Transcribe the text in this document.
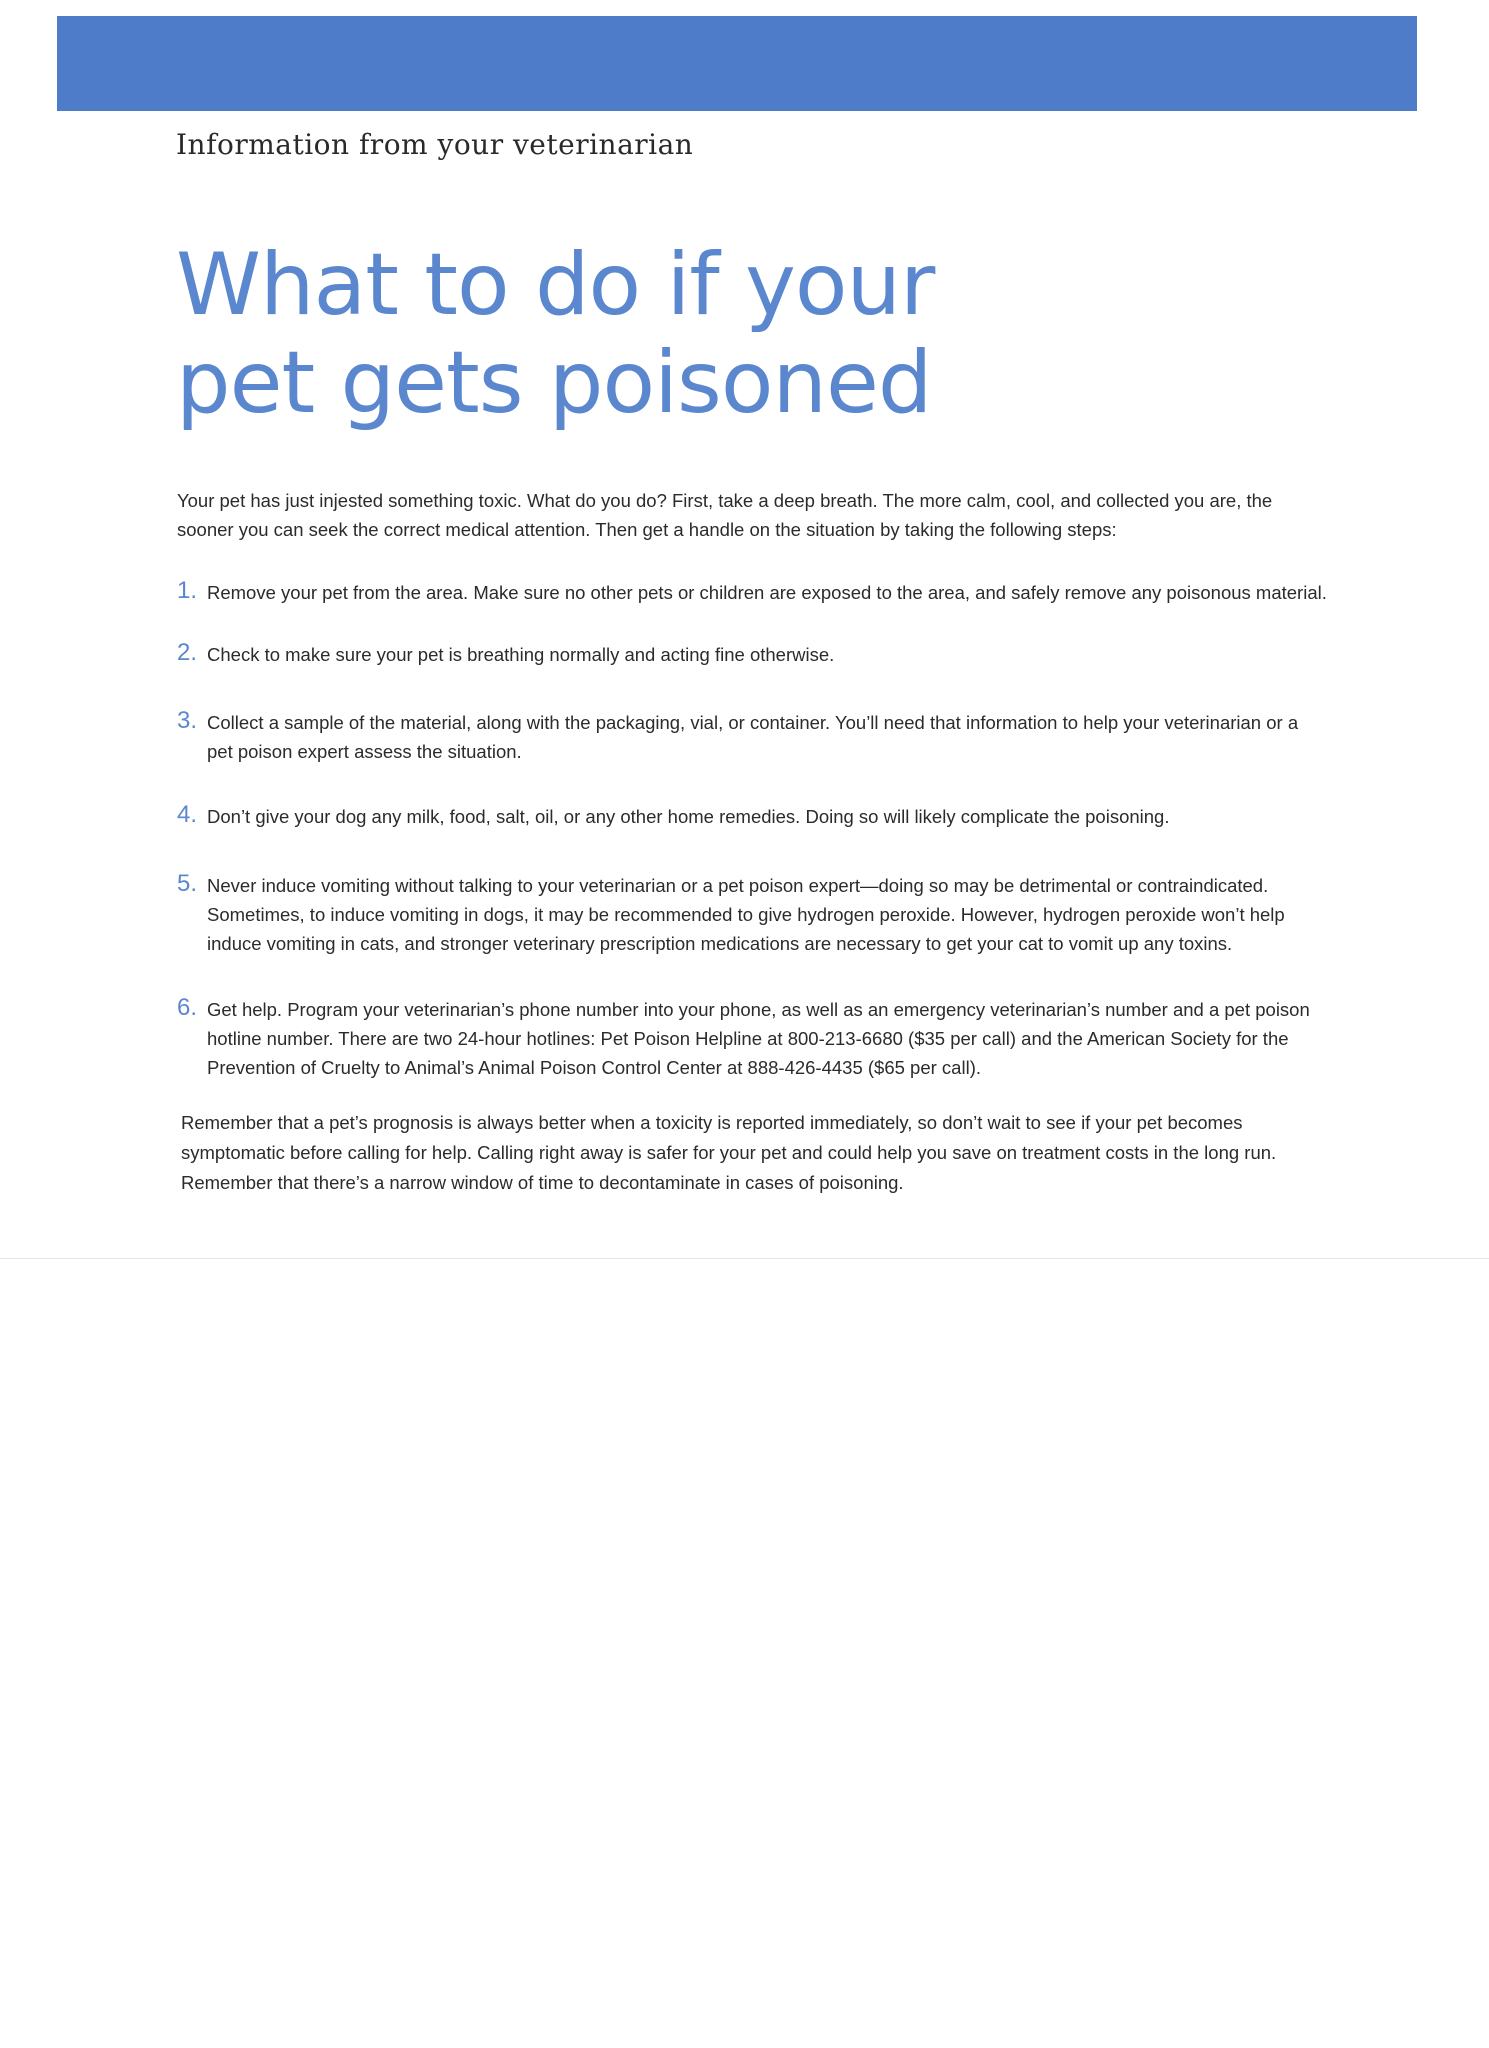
Information from your veterinarian
What to do if your
pet gets poisoned

Your pet has just injested something toxic. What do you do? First, take a deep breath. The more calm, cool, and collected you are, the sooner you can seek the correct medical attention. Then get a handle on the situation by taking the following steps:

1. Remove your pet from the area. Make sure no other pets or children are exposed to the area, and safely remove any poisonous material.
2. Check to make sure your pet is breathing normally and acting fine otherwise.
3. Collect a sample of the material, along with the packaging, vial, or container. You’ll need that information to help your veterinarian or a pet poison expert assess the situation.
4. Don’t give your dog any milk, food, salt, oil, or any other home remedies. Doing so will likely complicate the poisoning.
5. Never induce vomiting without talking to your veterinarian or a pet poison expert—doing so may be detrimental or contraindicated. Sometimes, to induce vomiting in dogs, it may be recommended to give hydrogen peroxide. However, hydrogen peroxide won’t help induce vomiting in cats, and stronger veterinary prescription medications are necessary to get your cat to vomit up any toxins.
6. Get help. Program your veterinarian’s phone number into your phone, as well as an emergency veterinarian’s number and a pet poison hotline number. There are two 24-hour hotlines: Pet Poison Helpline at 800-213-6680 ($35 per call) and the American Society for the Prevention of Cruelty to Animal’s Animal Poison Control Center at 888-426-4435 ($65 per call).

Remember that a pet’s prognosis is always better when a toxicity is reported immediately, so don’t wait to see if your pet becomes symptomatic before calling for help. Calling right away is safer for your pet and could help you save on treatment costs in the long run. Remember that there’s a narrow window of time to decontaminate in cases of poisoning.
